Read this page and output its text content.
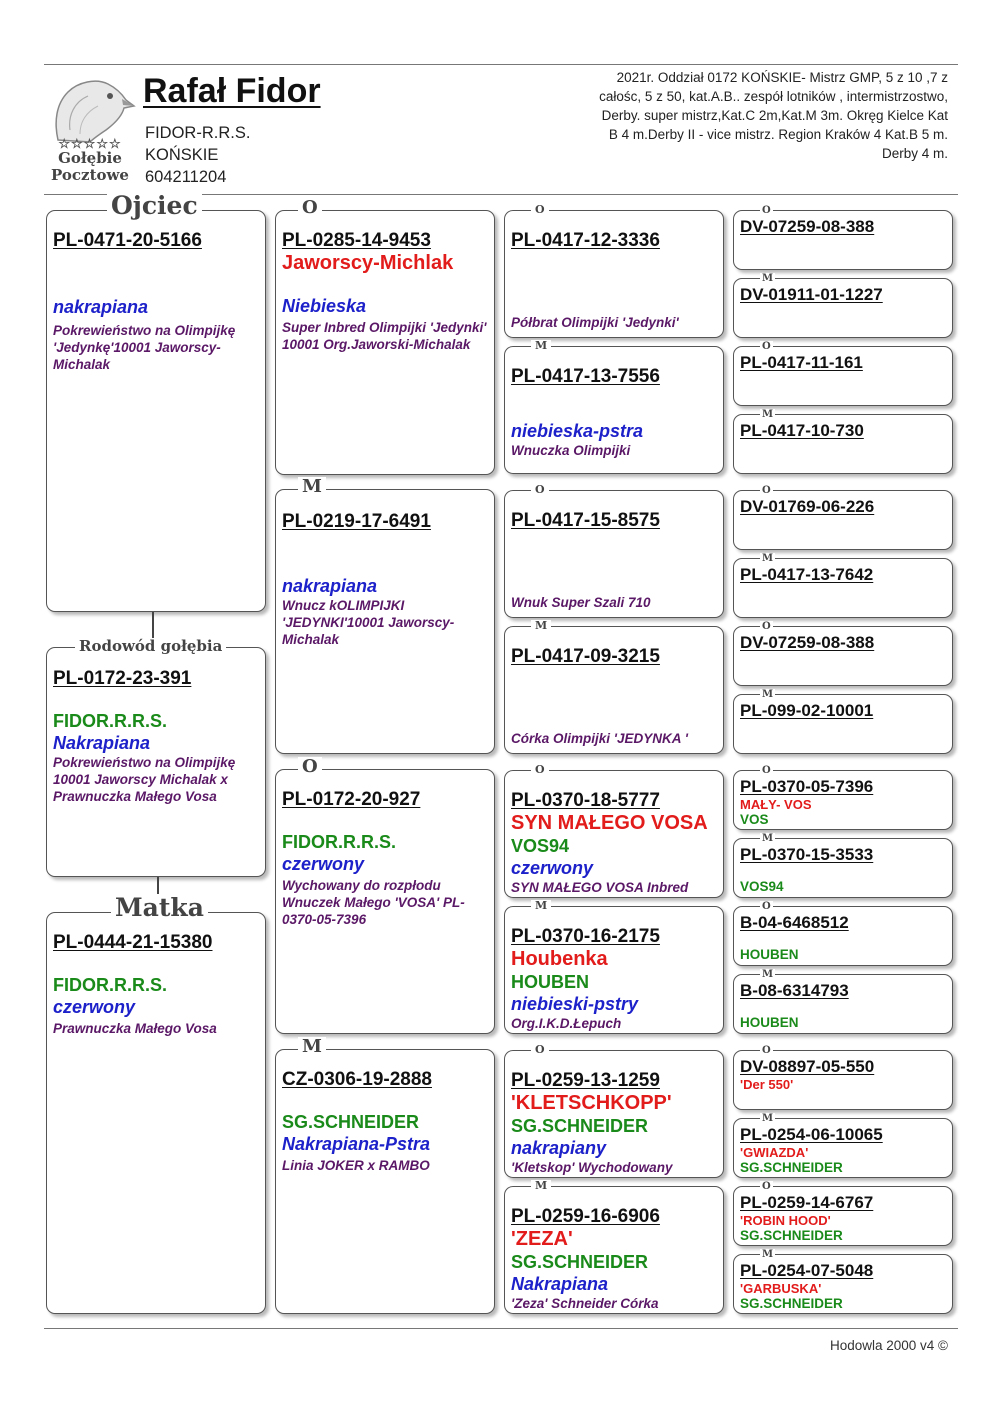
☆☆☆☆☆
Gołębie
Pocztowe
Rafał Fidor
FIDOR-R.R.S.
KOŃSKIE
604211204
2021r. Oddział 0172 KOŃSKIE- Mistrz GMP, 5 z 10 ,7 z całośc, 5 z 50, kat.A.B.. zespół lotników , intermistrzostwo, Derby. super mistrz,Kat.C 2m,Kat.M 3m. Okręg Kielce Kat B 4 m.Derby II - vice mistrz. Region Kraków 4 Kat.B 5 m. Derby 4 m.
Ojciec
PL-0471-20-5166
nakrapiana
Pokrewieństwo na Olimpijkę 'Jedynkę'10001 Jaworscy-Michalak
Rodowód gołębia
PL-0172-23-391
FIDOR.R.R.S.
Nakrapiana
Pokrewieństwo na Olimpijkę 10001 Jaworscy Michalak x Prawnuczka Małego Vosa
Matka
PL-0444-21-15380
FIDOR.R.R.S.
czerwony
Prawnuczka Małego Vosa
O
PL-0285-14-9453
Jaworscy-Michlak
Niebieska
Super Inbred Olimpijki 'Jedynki' 10001 Org.Jaworski-Michalak
M
PL-0219-17-6491
nakrapiana
Wnucz kOLIMPIJKI 'JEDYNKI'10001 Jaworscy- Michalak
O
PL-0172-20-927
FIDOR.R.R.S.
czerwony
Wychowany do rozpłodu Wnuczek Małego 'VOSA' PL-0370-05-7396
M
CZ-0306-19-2888
SG.SCHNEIDER
Nakrapiana-Pstra
Linia JOKER x RAMBO
O
PL-0417-12-3336
Półbrat Olimpijki 'Jedynki'
M
PL-0417-13-7556
niebieska-pstra
Wnuczka Olimpijki
O
PL-0417-15-8575
Wnuk Super Szali 710
M
PL-0417-09-3215
Córka Olimpijki 'JEDYNKA '
O
PL-0370-18-5777
SYN MAŁEGO VOSA
VOS94
czerwony
SYN MAŁEGO VOSA Inbred
M
PL-0370-16-2175
Houbenka
HOUBEN
niebieski-pstry
Org.I.K.D.Łepuch
O
PL-0259-13-1259
'KLETSCHKOPP'
SG.SCHNEIDER
nakrapiany
'Kletskop' Wychodowany
M
PL-0259-16-6906
'ZEZA'
SG.SCHNEIDER
Nakrapiana
'Zeza' Schneider Córka
O
DV-07259-08-388
M
DV-01911-01-1227
O
PL-0417-11-161
M
PL-0417-10-730
O
DV-01769-06-226
M
PL-0417-13-7642
O
DV-07259-08-388
M
PL-099-02-10001
O
PL-0370-05-7396
MAŁY- VOS
VOS
M
PL-0370-15-3533
VOS94
O
B-04-6468512
HOUBEN
M
B-08-6314793
HOUBEN
O
DV-08897-05-550
'Der 550'
M
PL-0254-06-10065
'GWIAZDA'
SG.SCHNEIDER
O
PL-0259-14-6767
'ROBIN HOOD'
SG.SCHNEIDER
M
PL-0254-07-5048
'GARBUSKA'
SG.SCHNEIDER
Hodowla 2000 v4 ©
